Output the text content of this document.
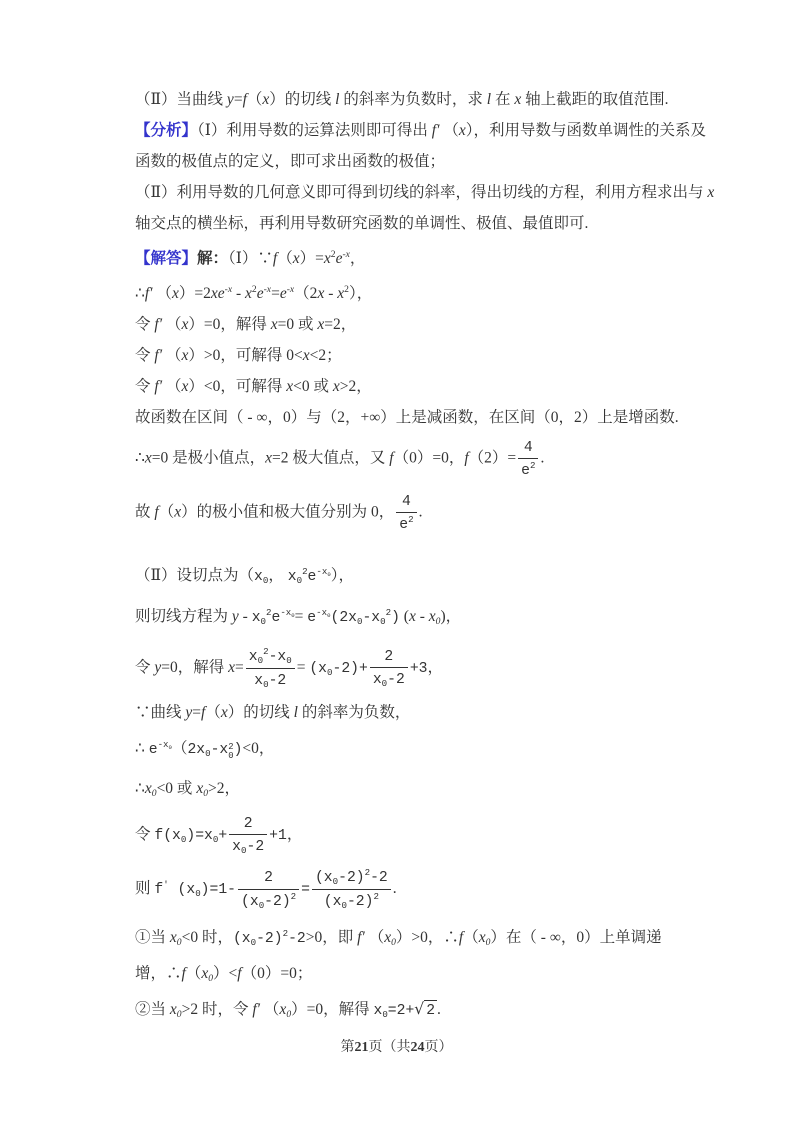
（Ⅱ）当曲线 y=f（x）的切线 l 的斜率为负数时，求 l 在 x 轴上截距的取值范围.

【分析】（Ⅰ）利用导数的运算法则即可得出 f′ （x），利用导数与函数单调性的关系及

函数的极值点的定义，即可求出函数的极值；

（Ⅱ）利用导数的几何意义即可得到切线的斜率，得出切线的方程，利用方程求出与 x

轴交点的横坐标，再利用导数研究函数的单调性、极值、最值即可.

【解答】解：$(Ⅰ)\because f(x)=x^2e^{-x}$，

∴f′ $(x)=2xe^{-x} - x^2e^{-x}=e^{-x}(2x - x^2)$，

令 f′ （x）=0，解得 x=0 或 x=2，

令 f′ （x）>0，可解得 0<x<2；

令 f′ （x）<0，可解得 x<0 或 x>2，

故函数在区间（ - ∞，0）与（2，+∞）上是减函数，在区间（0，2）上是增函数.

∴x=0 是极小值点，x=2 极大值点，又 f（0）=0，$f(2)= \frac{4}{e^2}$ .

故 f（x）的极小值和极大值分别为 0， $\frac{4}{e^2}$ .

（Ⅱ）设切点为（x0， $x0^2e^{-x0}$），

则切线方程为 $y - x0^2e^{-x0}= e^{-x0}(2x0-x0^2)$ (x - x0)，

令 y=0，解得 $x= \frac{x0^2-x0}{x0-2} = (x0-2)+ \frac{2}{x0-2} +3$，

∵曲线 y=f（x）的切线 l 的斜率为负数，

∴ $e^{-x0}(2x0-x$ 2
0 )<0，

∴x0<0 或 x0>2，

令 $f(x0)=x0+ \frac{2}{x0-2} +1$，

则 f′ $(x0)=1- \frac{2}{(x0-2)^2} = \frac{(x0-2)^2-2}{(x0-2)^2}$ .

①当 x0<0 时，$(x0-2)^2-2>0$，即 f′ （x0）>0，∴f（x0）在（ - ∞，0）上单调递

增，∴f（x0）<f（0）=0；

②当 x0>2 时，令 f′ （x0）=0，解得 x0=2+√ 2 .

第21页（共24页）
